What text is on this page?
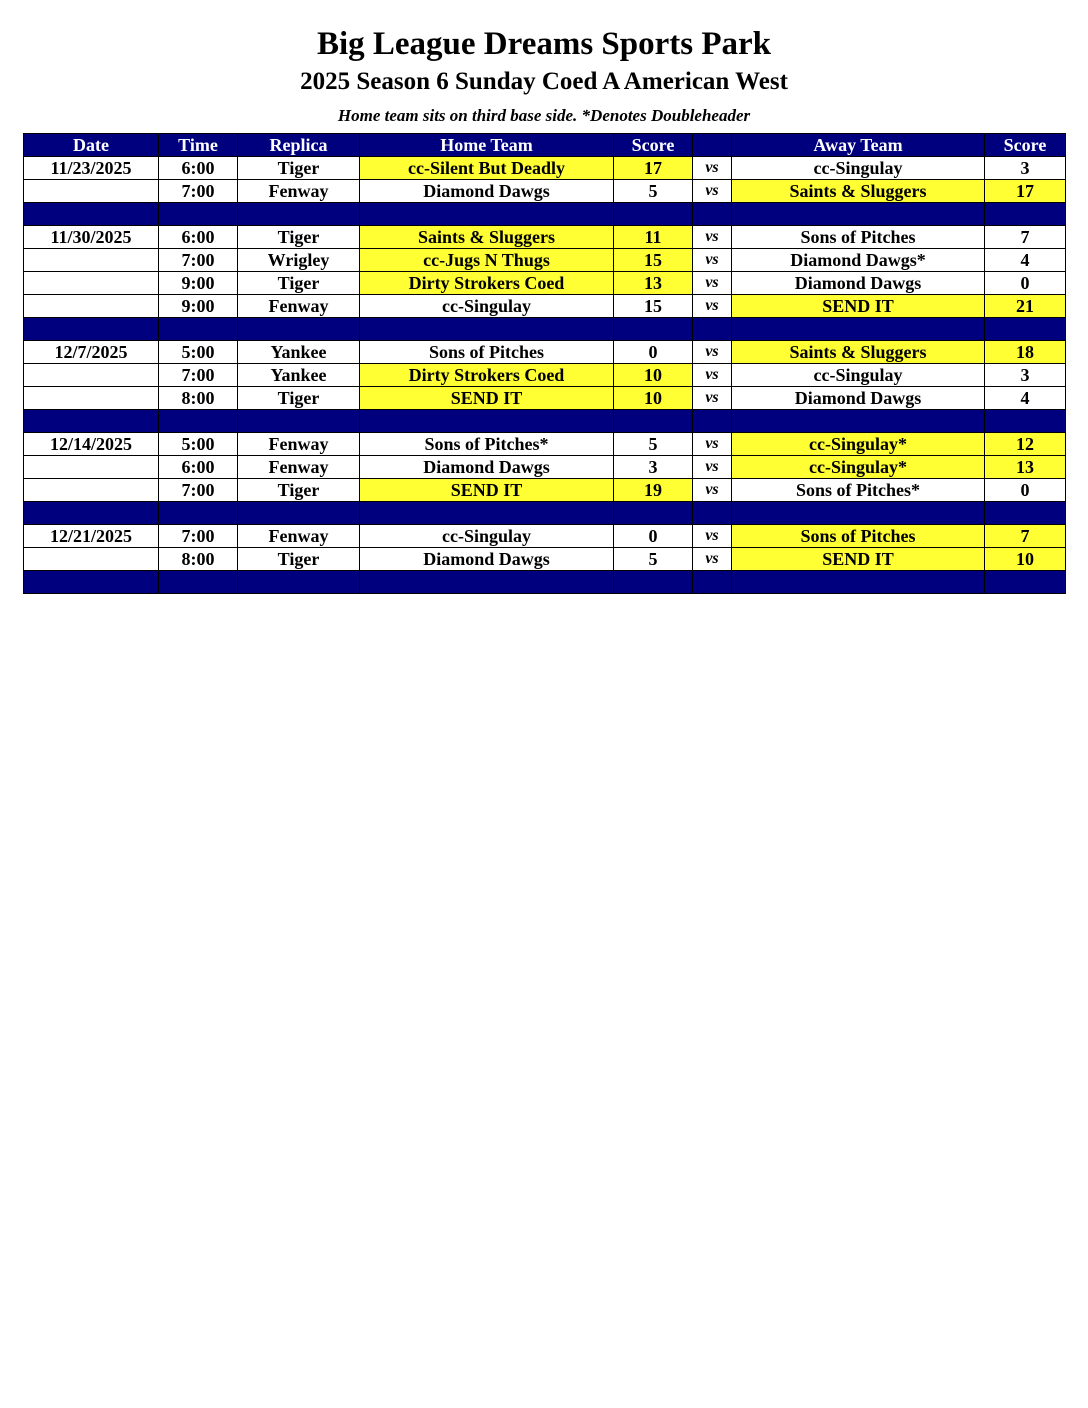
Big League Dreams Sports Park
2025 Season 6 Sunday Coed A American West
Home team sits on third base side. *Denotes Doubleheader
Date	Time	Replica	Home Team	Score		Away Team	Score
11/23/2025	6:00	Tiger	cc-Silent But Deadly	17	vs	cc-Singulay	3
	7:00	Fenway	Diamond Dawgs	5	vs	Saints & Sluggers	17

11/30/2025	6:00	Tiger	Saints & Sluggers	11	vs	Sons of Pitches	7
	7:00	Wrigley	cc-Jugs N Thugs	15	vs	Diamond Dawgs*	4
	9:00	Tiger	Dirty Strokers Coed	13	vs	Diamond Dawgs	0
	9:00	Fenway	cc-Singulay	15	vs	SEND IT	21

12/7/2025	5:00	Yankee	Sons of Pitches	0	vs	Saints & Sluggers	18
	7:00	Yankee	Dirty Strokers Coed	10	vs	cc-Singulay	3
	8:00	Tiger	SEND IT	10	vs	Diamond Dawgs	4

12/14/2025	5:00	Fenway	Sons of Pitches*	5	vs	cc-Singulay*	12
	6:00	Fenway	Diamond Dawgs	3	vs	cc-Singulay*	13
	7:00	Tiger	SEND IT	19	vs	Sons of Pitches*	0

12/21/2025	7:00	Fenway	cc-Singulay	0	vs	Sons of Pitches	7
	8:00	Tiger	Diamond Dawgs	5	vs	SEND IT	10
